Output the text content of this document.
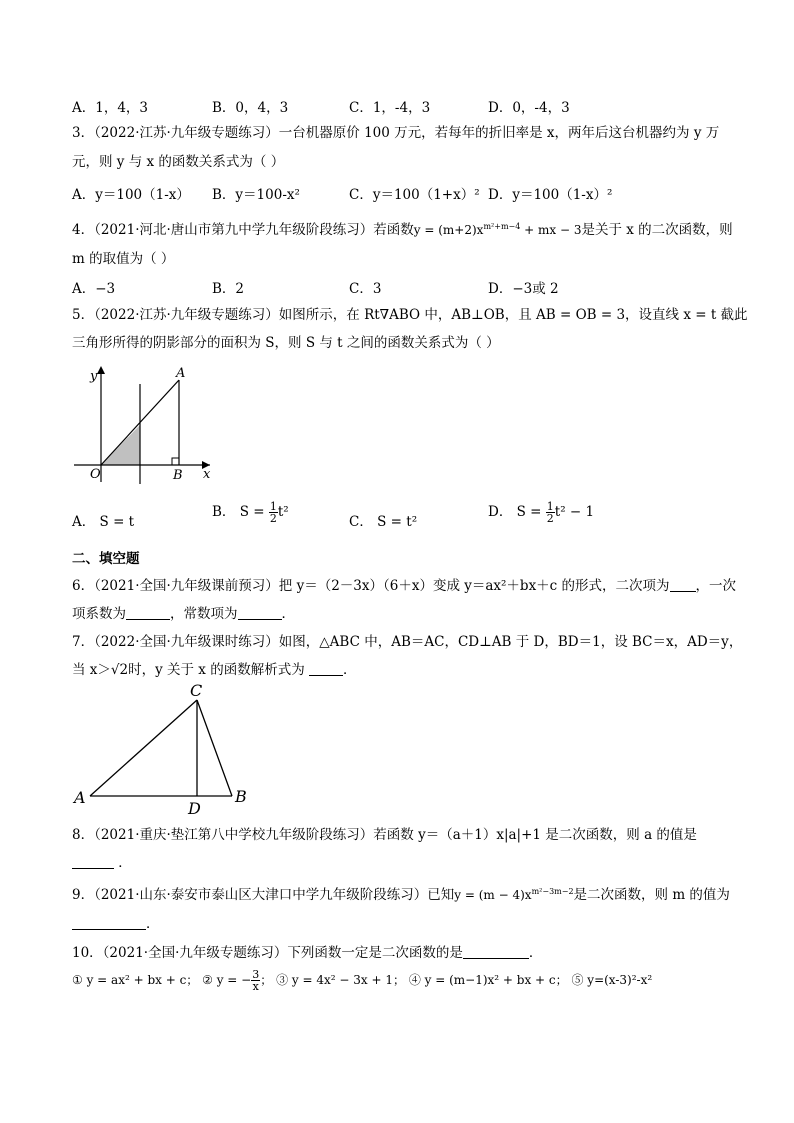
A．1，4，3	B．0，4，3	C．1，-4，3	D．0，-4，3
3．（2022·江苏·九年级专题练习）一台机器原价 100 万元，若每年的折旧率是 x，两年后这台机器约为 y 万
元，则 y 与 x 的函数关系式为（ ）
A．y＝100（1-x） B．y＝100-x²	C．y＝100（1+x）² D．y＝100（1-x）²
4．（2021·河北·唐山市第九中学九年级阶段练习）若函数$y = (m+2)x^{m^2+m-4}$ + mx − 3是关于 x 的二次函数，则
m 的取值为（ ）
A．−3	B．2	C．3	D．−3或 2
5．（2022·江苏·九年级专题练习）如图所示，在 Rt∇ABO 中，AB⊥OB，且 AB = OB = 3，设直线 x = t 截此
三角形所得的阴影部分的面积为 S，则 S 与 t 之间的函数关系式为（ ）
y
x
O
A
B
A． S = t
B． $S = \frac{1}{2} t^2$
C． S = t²
D． $S = \frac{1}{2} t^2 - 1$
二、填空题
6．（2021·全国·九年级课前预习）把 y＝（2－3x）（6＋x）变成 y＝ax²＋bx＋c 的形式，二次项为 ，一次
项系数为	，常数项为	．
7．（2022·全国·九年级课时练习）如图，△ABC 中，AB＝AC，CD⊥AB 于 D，BD＝1，设 BC＝x，AD＝y，
当 x＞√2时，y 关于 x 的函数解析式为	．
C
A
D
B
8．（2021·重庆·垫江第八中学校九年级阶段练习）若函数 y＝（a＋1）x|a|+1 是二次函数，则 a 的值是
．
9．（2021·山东·泰安市泰山区大津口中学九年级阶段练习）已知$y = (m - 4)x^{m^2-3m-2}$是二次函数，则 m 的值为
．
10．（2021·全国·九年级专题练习）下列函数一定是二次函数的是	．
① y = ax² + bx + c； ② y = − $\frac{3}{x}$ ； ③ y = 4x² − 3x + 1； ④ y = (m−1)x² + bx + c； ⑤ y=(x-3)²-x²
